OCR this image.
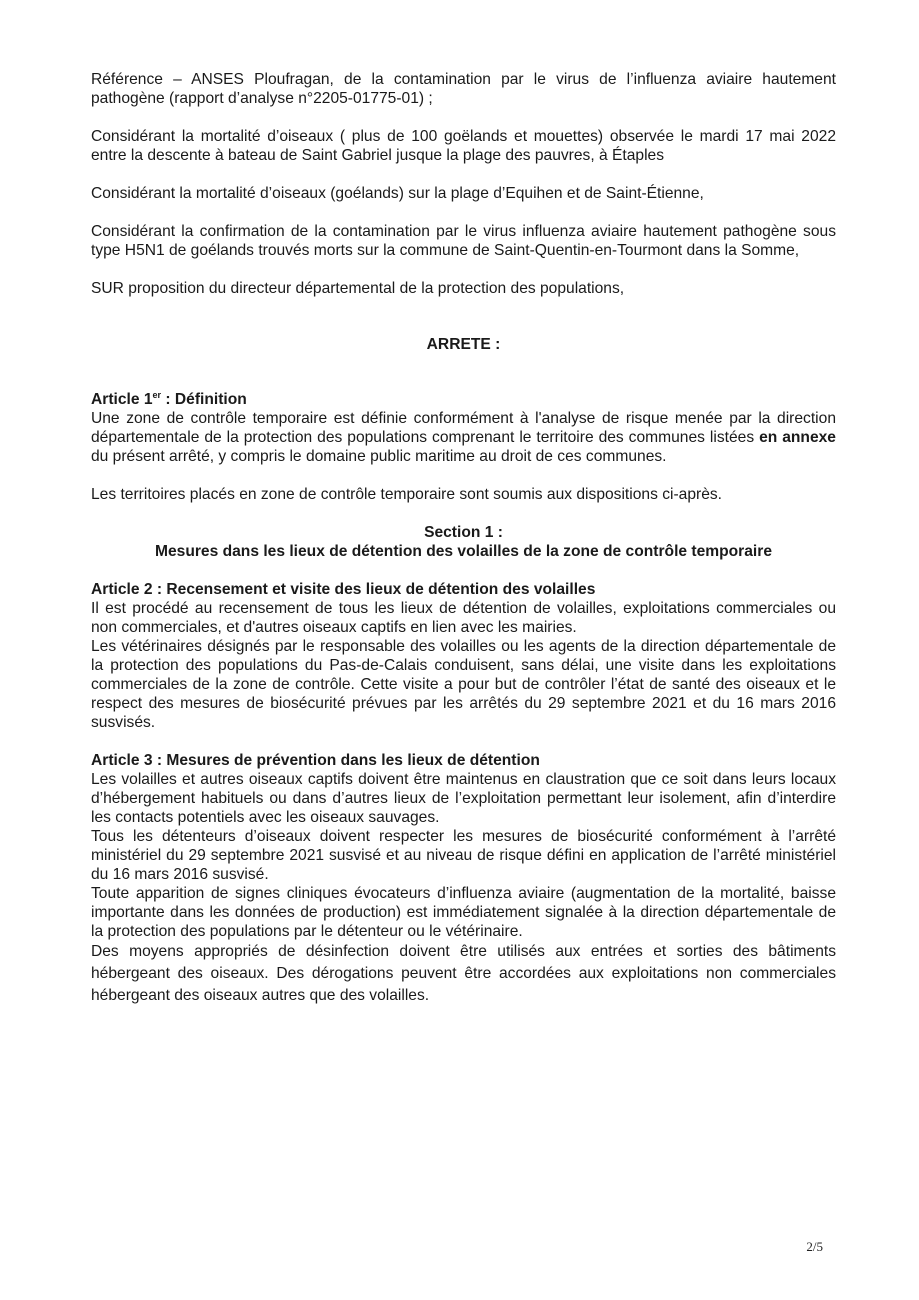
Référence – ANSES Ploufragan, de la contamination par le virus de l’influenza aviaire hautement pathogène (rapport d’analyse n°2205-01775-01) ;

Considérant la mortalité d’oiseaux ( plus de 100 goëlands et mouettes) observée le mardi 17 mai 2022 entre la descente à bateau de Saint Gabriel jusque la plage des pauvres, à Étaples

Considérant la mortalité d’oiseaux (goélands) sur la plage d’Equihen et de Saint-Étienne,

Considérant la confirmation de la contamination par le virus influenza aviaire hautement pathogène sous type H5N1 de goélands trouvés morts sur la commune de Saint-Quentin-en-Tourmont dans la Somme,

SUR proposition du directeur départemental de la protection des populations,

ARRETE :

Article 1er : Définition

Une zone de contrôle temporaire est définie conformément à l'analyse de risque menée par la direction départementale de la protection des populations comprenant le territoire des communes listées en annexe du présent arrêté, y compris le domaine public maritime au droit de ces communes.

Les territoires placés en zone de contrôle temporaire sont soumis aux dispositions ci-après.

Section 1 :

Mesures dans les lieux de détention des volailles de la zone de contrôle temporaire

Article 2 : Recensement et visite des lieux de détention des volailles

Il est procédé au recensement de tous les lieux de détention de volailles, exploitations commerciales ou non commerciales, et d'autres oiseaux captifs en lien avec les mairies.

Les vétérinaires désignés par le responsable des volailles ou les agents de la direction départementale de la protection des populations du Pas-de-Calais conduisent, sans délai, une visite dans les exploitations commerciales de la zone de contrôle. Cette visite a pour but de contrôler l’état de santé des oiseaux et le respect des mesures de biosécurité prévues par les arrêtés du 29 septembre 2021 et du 16 mars 2016 susvisés.

Article 3 : Mesures de prévention dans les lieux de détention

Les volailles et autres oiseaux captifs doivent être maintenus en claustration que ce soit dans leurs locaux d’hébergement habituels ou dans d’autres lieux de l’exploitation permettant leur isolement, afin d’interdire les contacts potentiels avec les oiseaux sauvages.

Tous les détenteurs d’oiseaux doivent respecter les mesures de biosécurité conformément à l’arrêté ministériel du 29 septembre 2021 susvisé et au niveau de risque défini en application de l’arrêté ministériel du 16 mars 2016 susvisé.

Toute apparition de signes cliniques évocateurs d’influenza aviaire (augmentation de la mortalité, baisse importante dans les données de production) est immédiatement signalée à la direction départementale de la protection des populations par le détenteur ou le vétérinaire.

Des moyens appropriés de désinfection doivent être utilisés aux entrées et sorties des bâtiments hébergeant des oiseaux. Des dérogations peuvent être accordées aux exploitations non commerciales hébergeant des oiseaux autres que des volailles.

2/5
